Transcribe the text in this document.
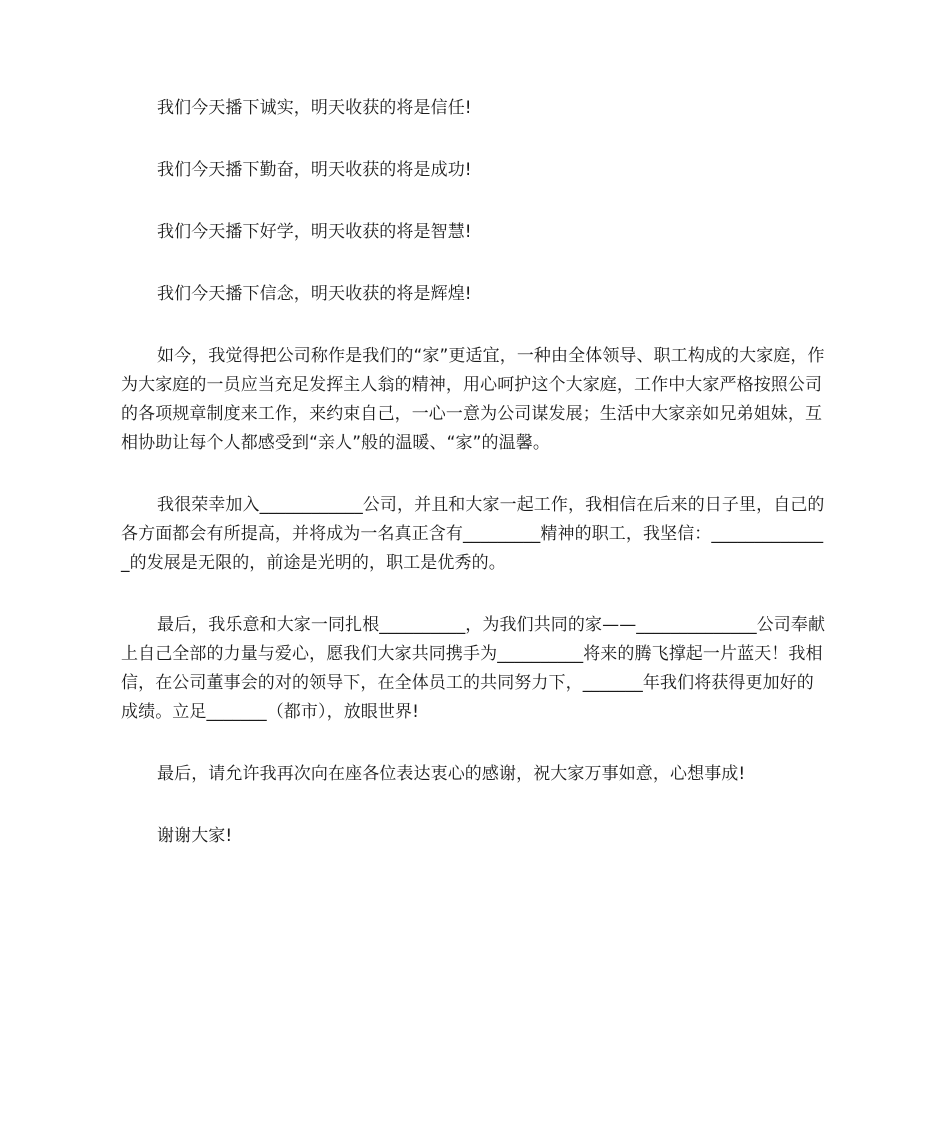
我们今天播下诚实，明天收获的将是信任!

我们今天播下勤奋，明天收获的将是成功!

我们今天播下好学，明天收获的将是智慧!

我们今天播下信念，明天收获的将是辉煌!

如今，我觉得把公司称作是我们的“家”更适宜，一种由全体领导、职工构成的大家庭，作为大家庭的一员应当充足发挥主人翁的精神，用心呵护这个大家庭，工作中大家严格按照公司的各项规章制度来工作，来约束自己，一心一意为公司谋发展；生活中大家亲如兄弟姐妹，互相协助让每个人都感受到“亲人”般的温暖、“家”的温馨。

我很荣幸加入____________公司，并且和大家一起工作，我相信在后来的日子里，自己的各方面都会有所提高，并将成为一名真正含有_________精神的职工，我坚信：______________的发展是无限的，前途是光明的，职工是优秀的。

最后，我乐意和大家一同扎根__________，为我们共同的家——______________公司奉献上自己全部的力量与爱心，愿我们大家共同携手为__________将来的腾飞撑起一片蓝天！我相信，在公司董事会的对的领导下，在全体员工的共同努力下，_______年我们将获得更加好的成绩。立足_______（都市），放眼世界!

最后，请允许我再次向在座各位表达衷心的感谢，祝大家万事如意，心想事成!

谢谢大家!
